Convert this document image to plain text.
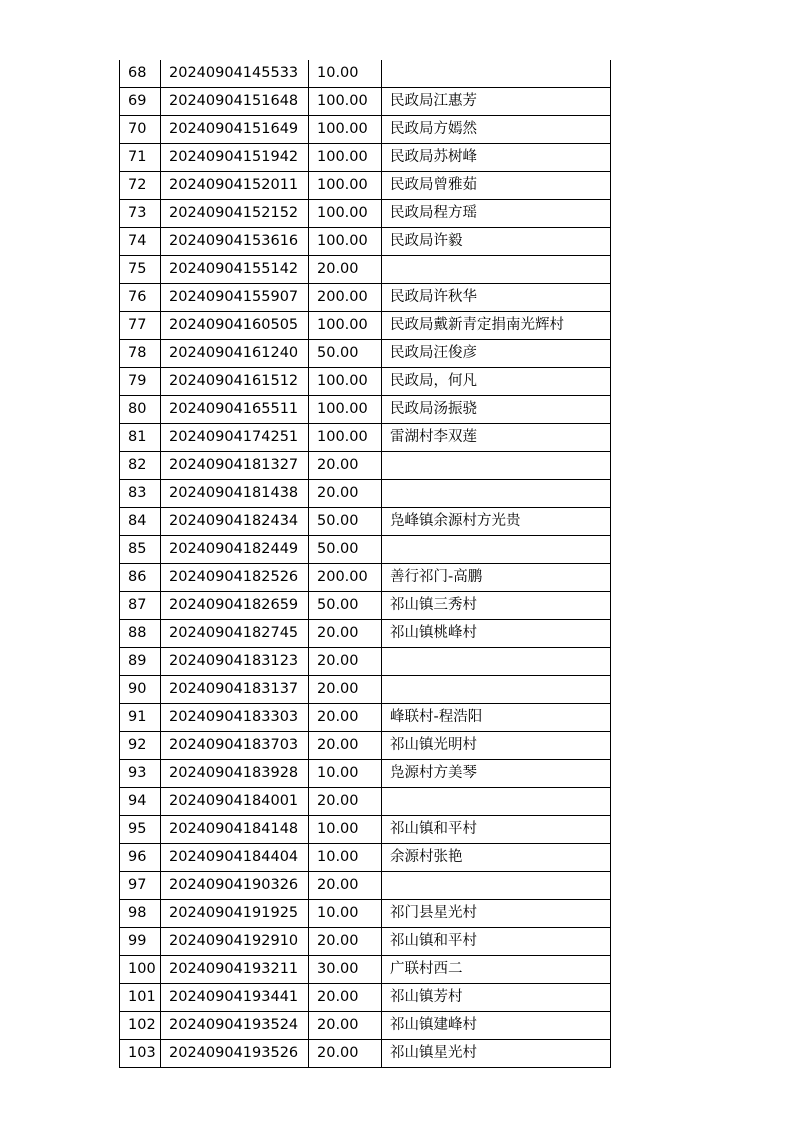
68	20240904145533	10.00	
69	20240904151648	100.00	民政局江惠芳
70	20240904151649	100.00	民政局方嫣然
71	20240904151942	100.00	民政局苏树峰
72	20240904152011	100.00	民政局曾雅茹
73	20240904152152	100.00	民政局程方瑶
74	20240904153616	100.00	民政局许毅
75	20240904155142	20.00	
76	20240904155907	200.00	民政局许秋华
77	20240904160505	100.00	民政局戴新青定捐南光辉村
78	20240904161240	50.00	民政局汪俊彦
79	20240904161512	100.00	民政局，何凡
80	20240904165511	100.00	民政局汤振骁
81	20240904174251	100.00	雷湖村李双莲
82	20240904181327	20.00	
83	20240904181438	20.00	
84	20240904182434	50.00	凫峰镇余源村方光贵
85	20240904182449	50.00	
86	20240904182526	200.00	善行祁门-高鹏
87	20240904182659	50.00	祁山镇三秀村
88	20240904182745	20.00	祁山镇桃峰村
89	20240904183123	20.00	
90	20240904183137	20.00	
91	20240904183303	20.00	峰联村-程浩阳
92	20240904183703	20.00	祁山镇光明村
93	20240904183928	10.00	凫源村方美琴
94	20240904184001	20.00	
95	20240904184148	10.00	祁山镇和平村
96	20240904184404	10.00	余源村张艳
97	20240904190326	20.00	
98	20240904191925	10.00	祁门县星光村
99	20240904192910	20.00	祁山镇和平村
100	20240904193211	30.00	广联村西二
101	20240904193441	20.00	祁山镇芳村
102	20240904193524	20.00	祁山镇建峰村
103	20240904193526	20.00	祁山镇星光村
